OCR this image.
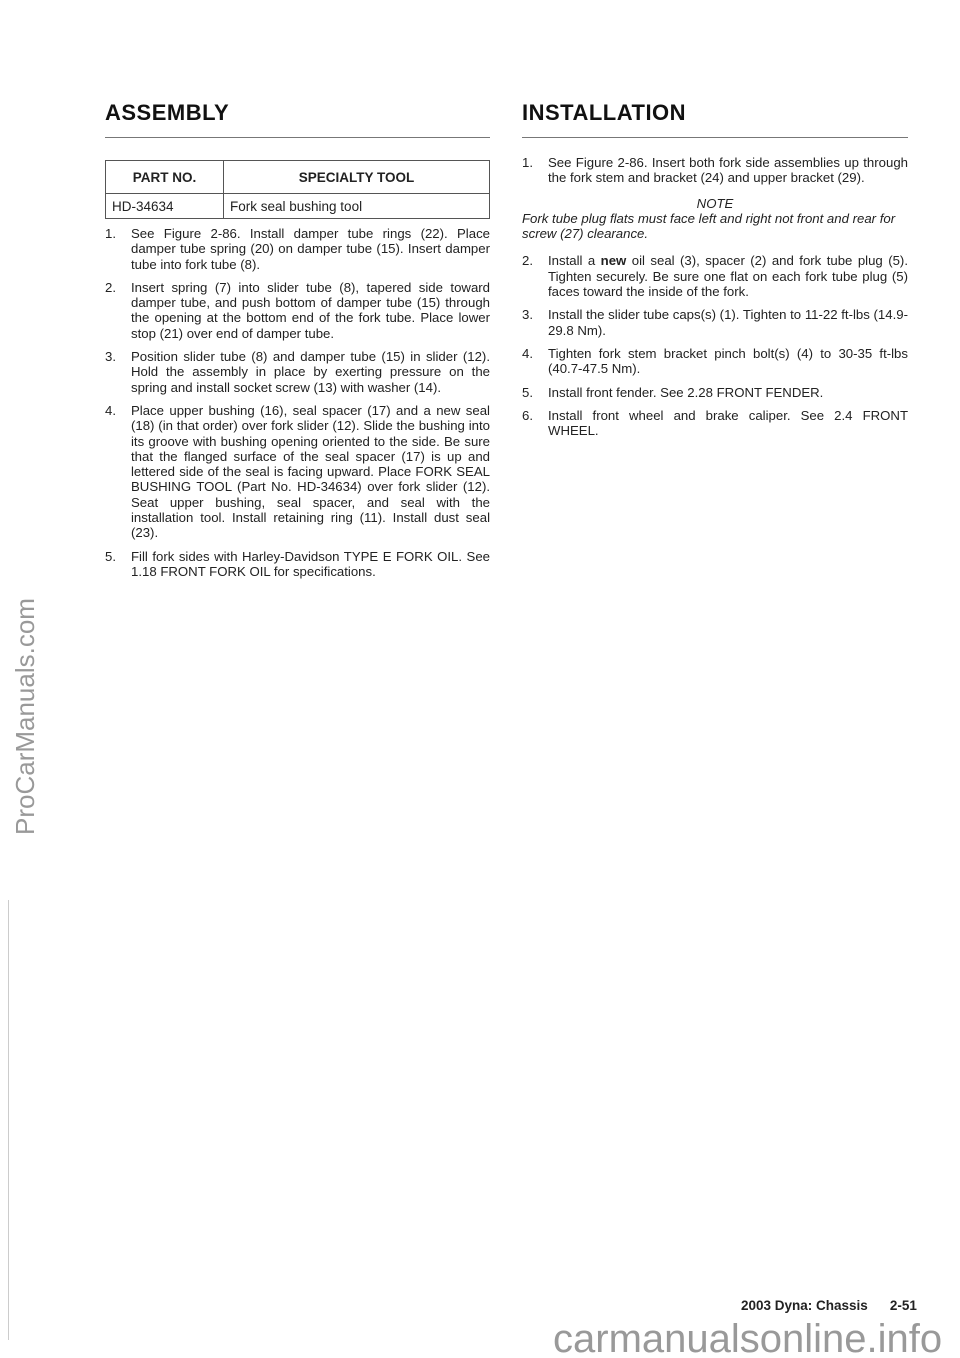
ASSEMBLY	INSTALLATION
PART NO.	SPECIALTY TOOL
HD-34634	Fork seal bushing tool
1. See Figure 2-86. Install damper tube rings (22). Place damper tube spring (20) on damper tube (15). Insert damper tube into fork tube (8).
2. Insert spring (7) into slider tube (8), tapered side toward damper tube, and push bottom of damper tube (15) through the opening at the bottom end of the fork tube. Place lower stop (21) over end of damper tube.
3. Position slider tube (8) and damper tube (15) in slider (12). Hold the assembly in place by exerting pressure on the spring and install socket screw (13) with washer (14).
4. Place upper bushing (16), seal spacer (17) and a new seal (18) (in that order) over fork slider (12). Slide the bushing into its groove with bushing opening oriented to the side. Be sure that the flanged surface of the seal spacer (17) is up and lettered side of the seal is facing upward. Place FORK SEAL BUSHING TOOL (Part No. HD-34634) over fork slider (12). Seat upper bushing, seal spacer, and seal with the installation tool. Install retaining ring (11). Install dust seal (23).
5. Fill fork sides with Harley-Davidson TYPE E FORK OIL. See 1.18 FRONT FORK OIL for specifications.
1. See Figure 2-86. Insert both fork side assemblies up through the fork stem and bracket (24) and upper bracket (29).
NOTE
Fork tube plug flats must face left and right not front and rear for screw (27) clearance.
2. Install a new oil seal (3), spacer (2) and fork tube plug (5). Tighten securely. Be sure one flat on each fork tube plug (5) faces toward the inside of the fork.
3. Install the slider tube caps(s) (1). Tighten to 11-22 ft-lbs (14.9-29.8 Nm).
4. Tighten fork stem bracket pinch bolt(s) (4) to 30-35 ft-lbs (40.7-47.5 Nm).
5. Install front fender. See 2.28 FRONT FENDER.
6. Install front wheel and brake caliper. See 2.4 FRONT WHEEL.
2003 Dyna: Chassis 2-51
ProCarManuals.com
carmanualsonline.info
